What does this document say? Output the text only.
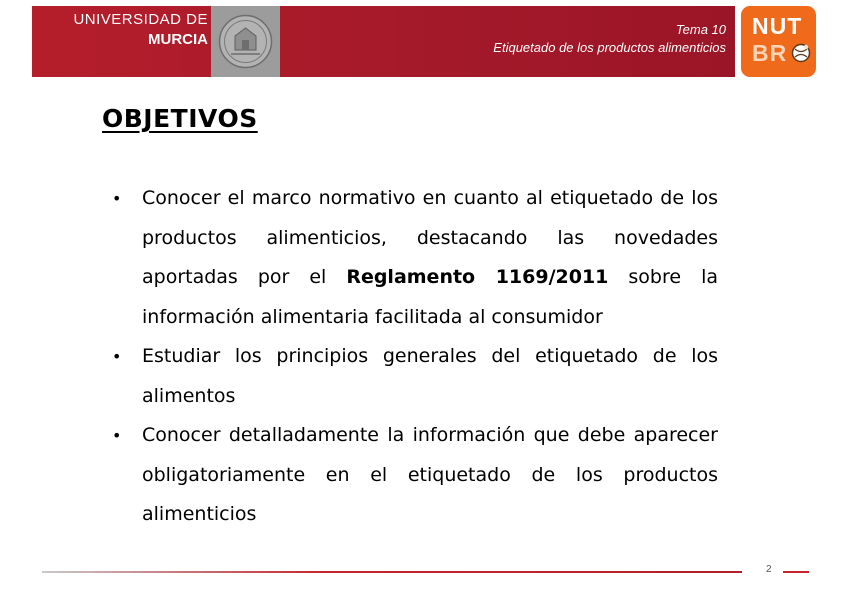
UNIVERSIDAD DE
MURCIA
Tema 10
Etiquetado de los productos alimenticios
NUT
BR
OBJETIVOS
• Conocer el marco normativo en cuanto al etiquetado de los productos alimenticios, destacando las novedades aportadas por el Reglamento 1169/2011 sobre la información alimentaria facilitada al consumidor
• Estudiar los principios generales del etiquetado de los alimentos
• Conocer detalladamente la información que debe aparecer obligatoriamente en el etiquetado de los productos alimenticios
2
